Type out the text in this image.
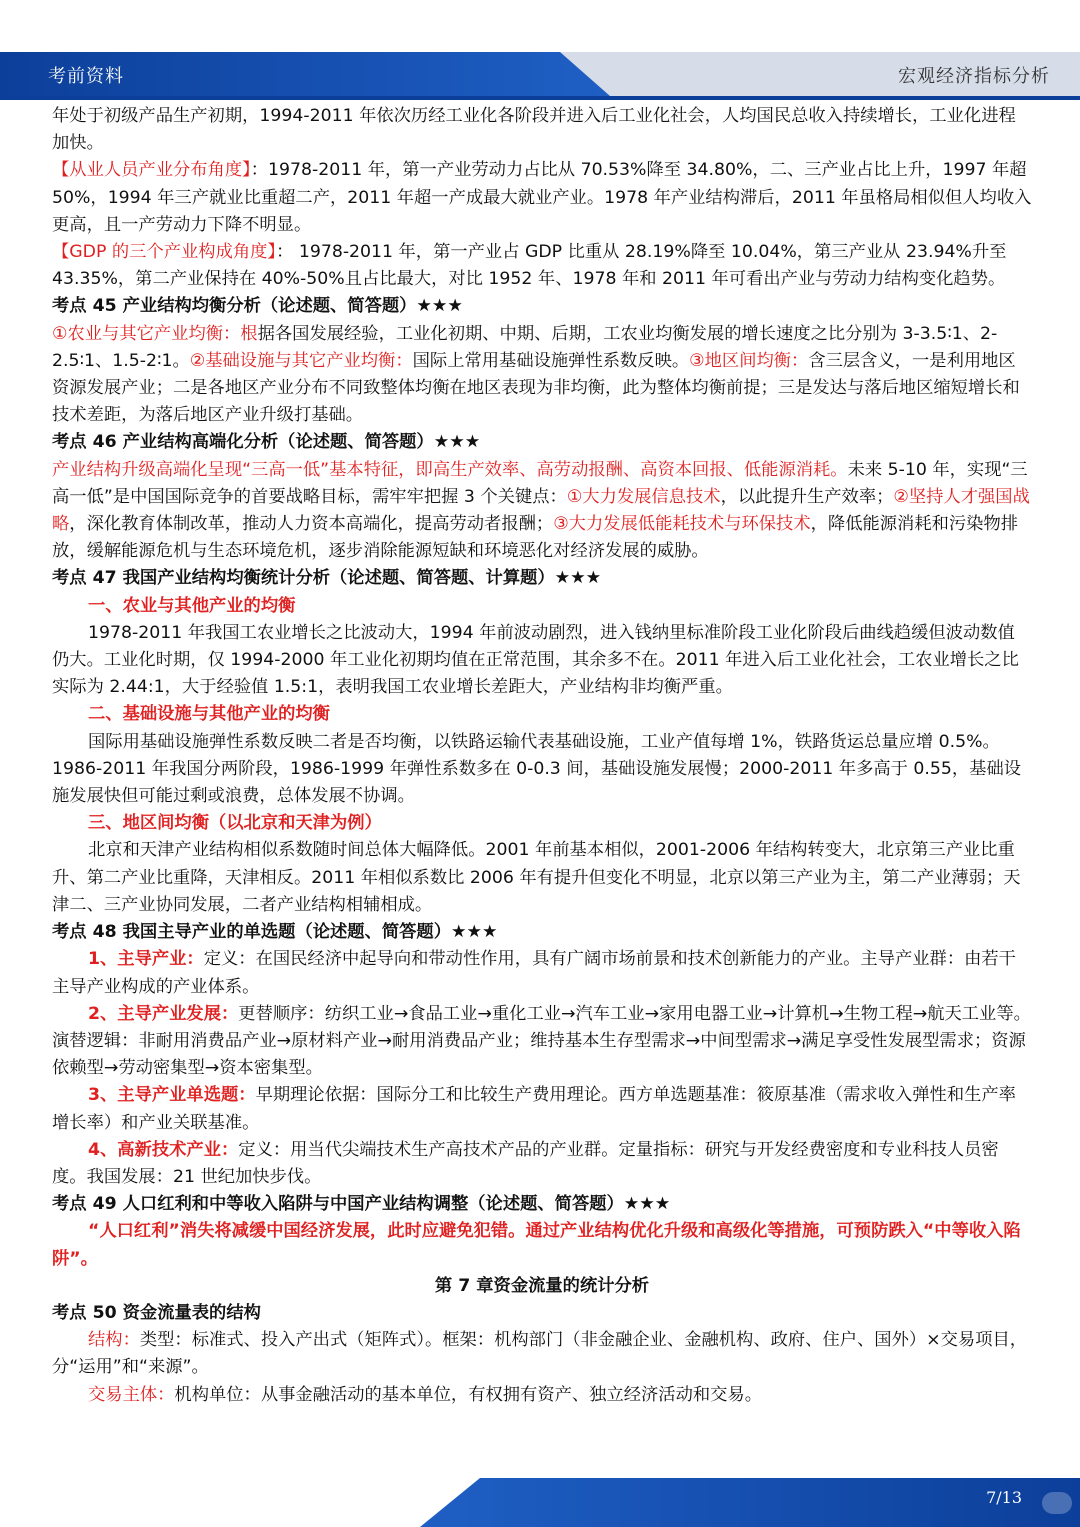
考前资料	宏观经济指标分析

年处于初级产品生产初期，1994-2011 年依次历经工业化各阶段并进入后工业化社会，人均国民总收入持续增长，工业化进程加快。

【从业人员产业分布角度】：1978-2011 年，第一产业劳动力占比从 70.53%降至 34.80%，二、三产业占比上升，1997 年超 50%，1994 年三产就业比重超二产，2011 年超一产成最大就业产业。1978 年产业结构滞后，2011 年虽格局相似但人均收入更高，且一产劳动力下降不明显。

【GDP 的三个产业构成角度】： 1978-2011 年，第一产业占 GDP 比重从 28.19%降至 10.04%，第三产业从 23.94%升至 43.35%，第二产业保持在 40%-50%且占比最大，对比 1952 年、1978 年和 2011 年可看出产业与劳动力结构变化趋势。

考点 45 产业结构均衡分析（论述题、简答题）★★★

①农业与其它产业均衡：根据各国发展经验，工业化初期、中期、后期，工农业均衡发展的增长速度之比分别为 3-3.5∶1、2-2.5∶1、1.5-2∶1。②基础设施与其它产业均衡：国际上常用基础设施弹性系数反映。③地区间均衡：含三层含义，一是利用地区资源发展产业；二是各地区产业分布不同致整体均衡在地区表现为非均衡，此为整体均衡前提；三是发达与落后地区缩短增长和技术差距，为落后地区产业升级打基础。

考点 46 产业结构高端化分析（论述题、简答题）★★★

产业结构升级高端化呈现“三高一低”基本特征，即高生产效率、高劳动报酬、高资本回报、低能源消耗。未来 5-10 年，实现“三高一低”是中国国际竞争的首要战略目标，需牢牢把握 3 个关键点：①大力发展信息技术，以此提升生产效率；②坚持人才强国战略，深化教育体制改革，推动人力资本高端化，提高劳动者报酬；③大力发展低能耗技术与环保技术，降低能源消耗和污染物排放，缓解能源危机与生态环境危机，逐步消除能源短缺和环境恶化对经济发展的威胁。

考点 47 我国产业结构均衡统计分析（论述题、简答题、计算题）★★★

一、农业与其他产业的均衡

1978-2011 年我国工农业增长之比波动大，1994 年前波动剧烈，进入钱纳里标准阶段工业化阶段后曲线趋缓但波动数值仍大。工业化时期，仅 1994-2000 年工业化初期均值在正常范围，其余多不在。2011 年进入后工业化社会，工农业增长之比实际为 2.44:1，大于经验值 1.5:1，表明我国工农业增长差距大，产业结构非均衡严重。

二、基础设施与其他产业的均衡

国际用基础设施弹性系数反映二者是否均衡，以铁路运输代表基础设施，工业产值每增 1%，铁路货运总量应增 0.5%。1986-2011 年我国分两阶段，1986-1999 年弹性系数多在 0-0.3 间，基础设施发展慢；2000-2011 年多高于 0.55，基础设施发展快但可能过剩或浪费，总体发展不协调。

三、地区间均衡（以北京和天津为例）

北京和天津产业结构相似系数随时间总体大幅降低。2001 年前基本相似，2001-2006 年结构转变大，北京第三产业比重升、第二产业比重降，天津相反。2011 年相似系数比 2006 年有提升但变化不明显，北京以第三产业为主，第二产业薄弱；天津二、三产业协同发展，二者产业结构相辅相成。

考点 48 我国主导产业的单选题（论述题、简答题）★★★

1、主导产业：定义：在国民经济中起导向和带动性作用，具有广阔市场前景和技术创新能力的产业。主导产业群：由若干主导产业构成的产业体系。

2、主导产业发展：更替顺序：纺织工业→食品工业→重化工业→汽车工业→家用电器工业→计算机→生物工程→航天工业等。演替逻辑：非耐用消费品产业→原材料产业→耐用消费品产业；维持基本生存型需求→中间型需求→满足享受性发展型需求；资源依赖型→劳动密集型→资本密集型。

3、主导产业单选题：早期理论依据：国际分工和比较生产费用理论。西方单选题基准：筱原基准（需求收入弹性和生产率增长率）和产业关联基准。

4、高新技术产业：定义：用当代尖端技术生产高技术产品的产业群。定量指标：研究与开发经费密度和专业科技人员密度。我国发展：21 世纪加快步伐。

考点 49 人口红利和中等收入陷阱与中国产业结构调整（论述题、简答题）★★★

“人口红利”消失将减缓中国经济发展，此时应避免犯错。通过产业结构优化升级和高级化等措施，可预防跌入“中等收入陷阱”。

第 7 章资金流量的统计分析

考点 50 资金流量表的结构

结构：类型：标准式、投入产出式（矩阵式）。框架：机构部门（非金融企业、金融机构、政府、住户、国外）×交易项目，分“运用”和“来源”。

交易主体：机构单位：从事金融活动的基本单位，有权拥有资产、独立经济活动和交易。

7/13
